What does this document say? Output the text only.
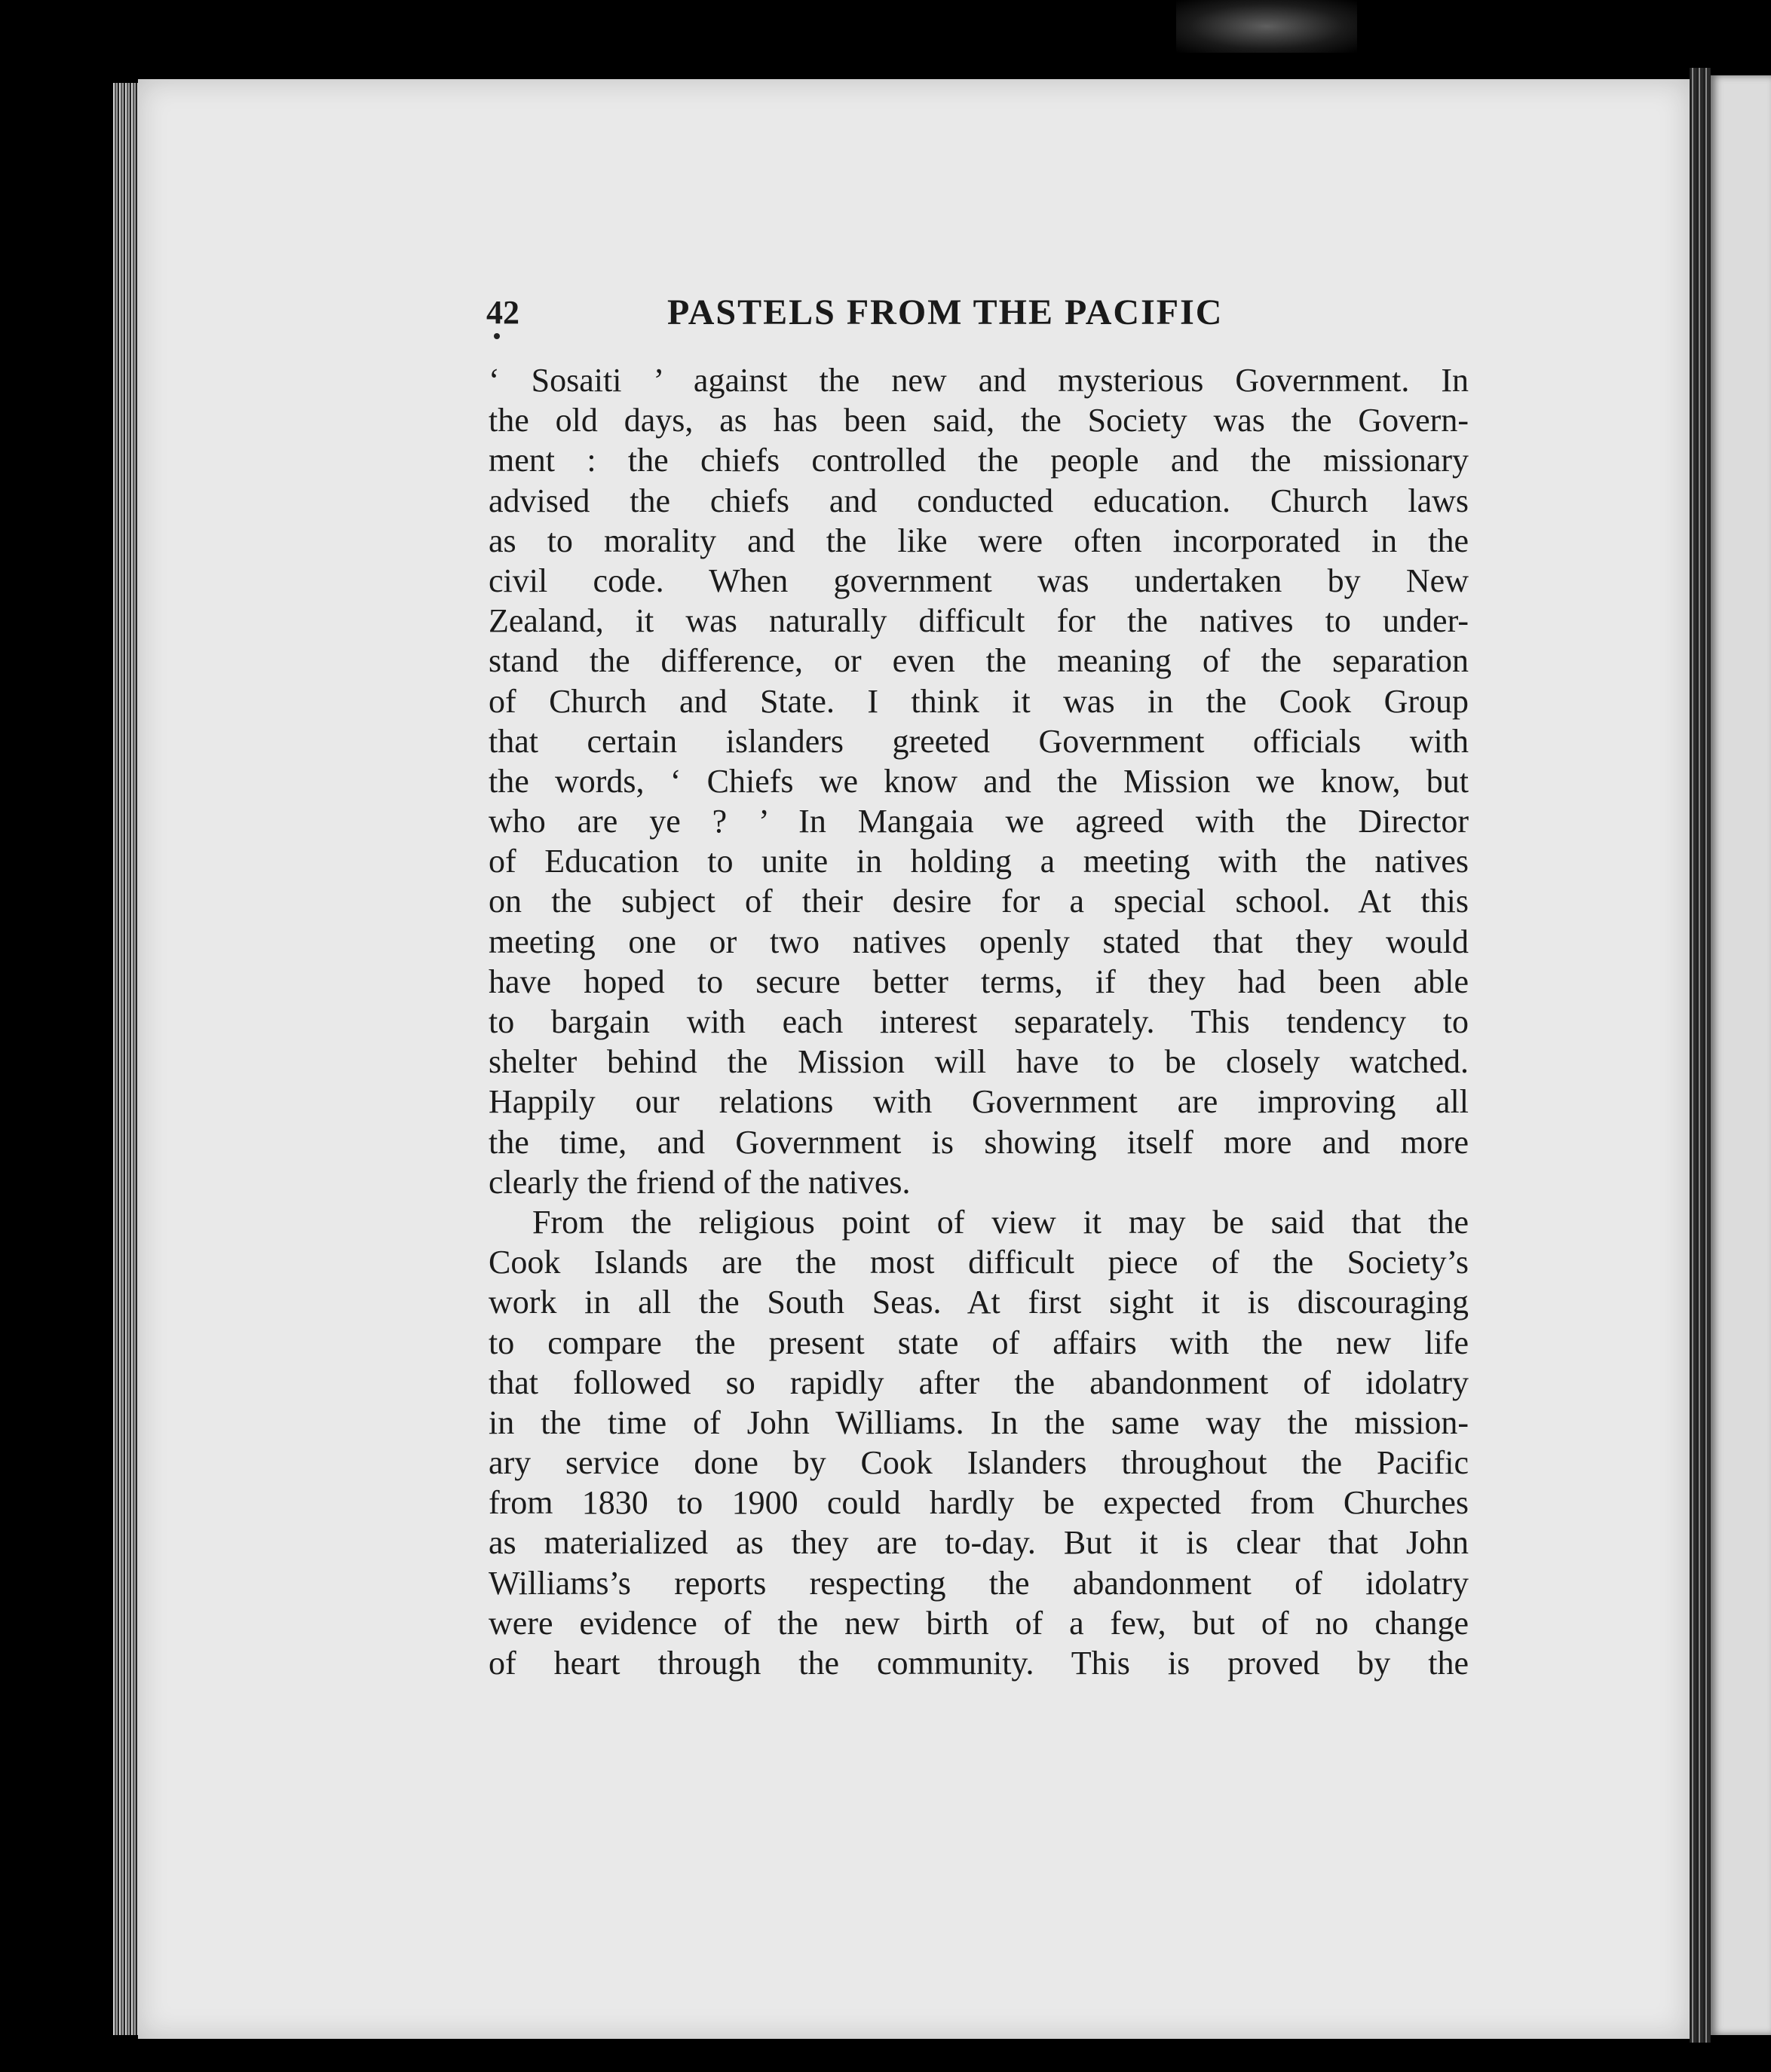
42	PASTELS FROM THE PACIFIC
‘ Sosaiti ’ against the new and mysterious Government. In
the old days, as has been said, the Society was the Govern-
ment : the chiefs controlled the people and the missionary
advised the chiefs and conducted education. Church laws
as to morality and the like were often incorporated in the
civil code. When government was undertaken by New
Zealand, it was naturally difficult for the natives to under-
stand the difference, or even the meaning of the separation
of Church and State. I think it was in the Cook Group
that certain islanders greeted Government officials with
the words, ‘ Chiefs we know and the Mission we know, but
who are ye ? ’ In Mangaia we agreed with the Director
of Education to unite in holding a meeting with the natives
on the subject of their desire for a special school. At this
meeting one or two natives openly stated that they would
have hoped to secure better terms, if they had been able
to bargain with each interest separately. This tendency to
shelter behind the Mission will have to be closely watched.
Happily our relations with Government are improving all
the time, and Government is showing itself more and more
clearly the friend of the natives.
From the religious point of view it may be said that the
Cook Islands are the most difficult piece of the Society’s
work in all the South Seas. At first sight it is discouraging
to compare the present state of affairs with the new life
that followed so rapidly after the abandonment of idolatry
in the time of John Williams. In the same way the mission-
ary service done by Cook Islanders throughout the Pacific
from 1830 to 1900 could hardly be expected from Churches
as materialized as they are to-day. But it is clear that John
Williams’s reports respecting the abandonment of idolatry
were evidence of the new birth of a few, but of no change
of heart through the community. This is proved by the
